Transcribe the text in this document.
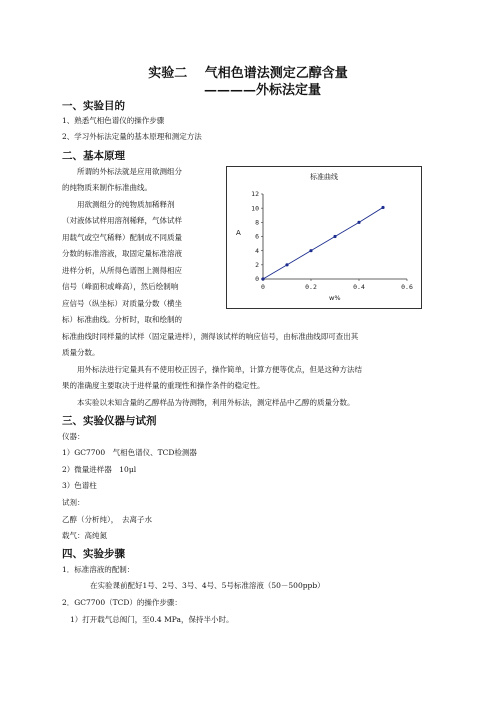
实验二　 气相色谱法测定乙醇含量
————外标法定量
一、实验目的
1、熟悉气相色谱仪的操作步骤
2、学习外标法定量的基本原理和测定方法
二、基本原理
所谓的外标法就是应用欲测组分
的纯物质来制作标准曲线。
用欲测组分的纯物质加稀释剂
（对液体试样用溶剂稀释，气体试样
用载气或空气稀释）配制成不同质量
分数的标准溶液，取固定量标准溶液
进样分析，从所得色谱图上测得相应
信号（峰面积或峰高），然后绘制响
应信号（纵坐标）对质量分数（横坐
标）标准曲线。分析时，取和绘制的
标准曲线时同样量的试样（固定量进样），测得该试样的响应信号，由标准曲线即可查出其
质量分数。
用外标法进行定量具有不使用校正因子，操作简单，计算方便等优点，但是这种方法结
果的准确度主要取决于进样量的重现性和操作条件的稳定性。
本实验以未知含量的乙醇样品为待测物，利用外标法，测定样品中乙醇的质量分数。
标准曲线
0
2
4
6
8
10
12
0	0.2	0.4	0.6
A
w%
三、实验仪器与试剂
仪器：
1）GC7700　气相色谱仪、TCD检测器
2）微量进样器　10μl
3）色谱柱
试剂：
乙醇（分析纯），　去离子水
载气：高纯氮
四、实验步骤
1．标准溶液的配制：
在实验课前配好1号、2号、3号、4号、5号标准溶液（50－500ppb）
2．GC7700（TCD）的操作步骤：
1）打开载气总阀门，至0.4 MPa，保持半小时。
